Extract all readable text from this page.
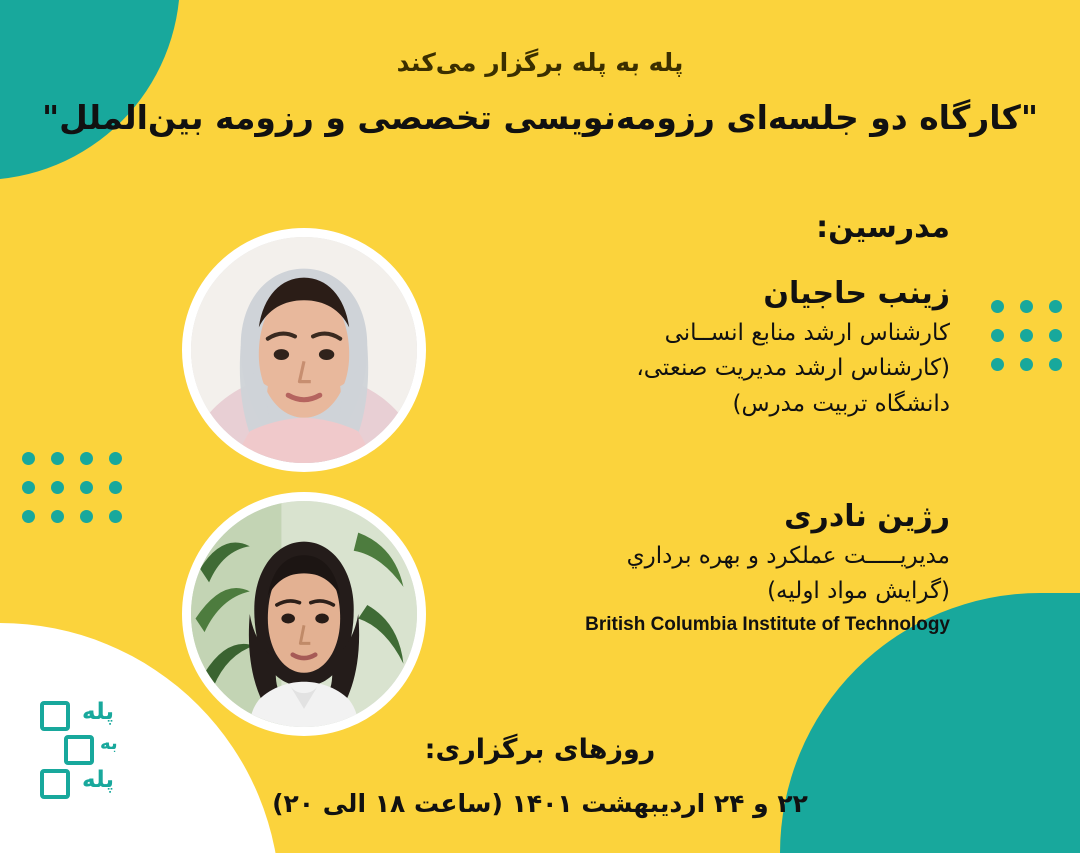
پله به پله برگزار می‌کند
"کارگاه دو جلسه‌ای رزومه‌نویسی تخصصی و رزومه بین‌الملل"
مدرسین:
زینب حاجیان
کارشناس ارشد منابع انســانی
(کارشناس ارشد مدیریت صنعتی،
دانشگاه تربیت مدرس)
رژین نادری
مدیریـــــت عملکرد و بهره برداري
(گرایش مواد اولیه)
British Columbia Institute of Technology
روزهای برگزاری:
۲۲ و ۲۴ اردیبهشت ۱۴۰۱ (ساعت ۱۸ الی ۲۰)
پله
به
پله
